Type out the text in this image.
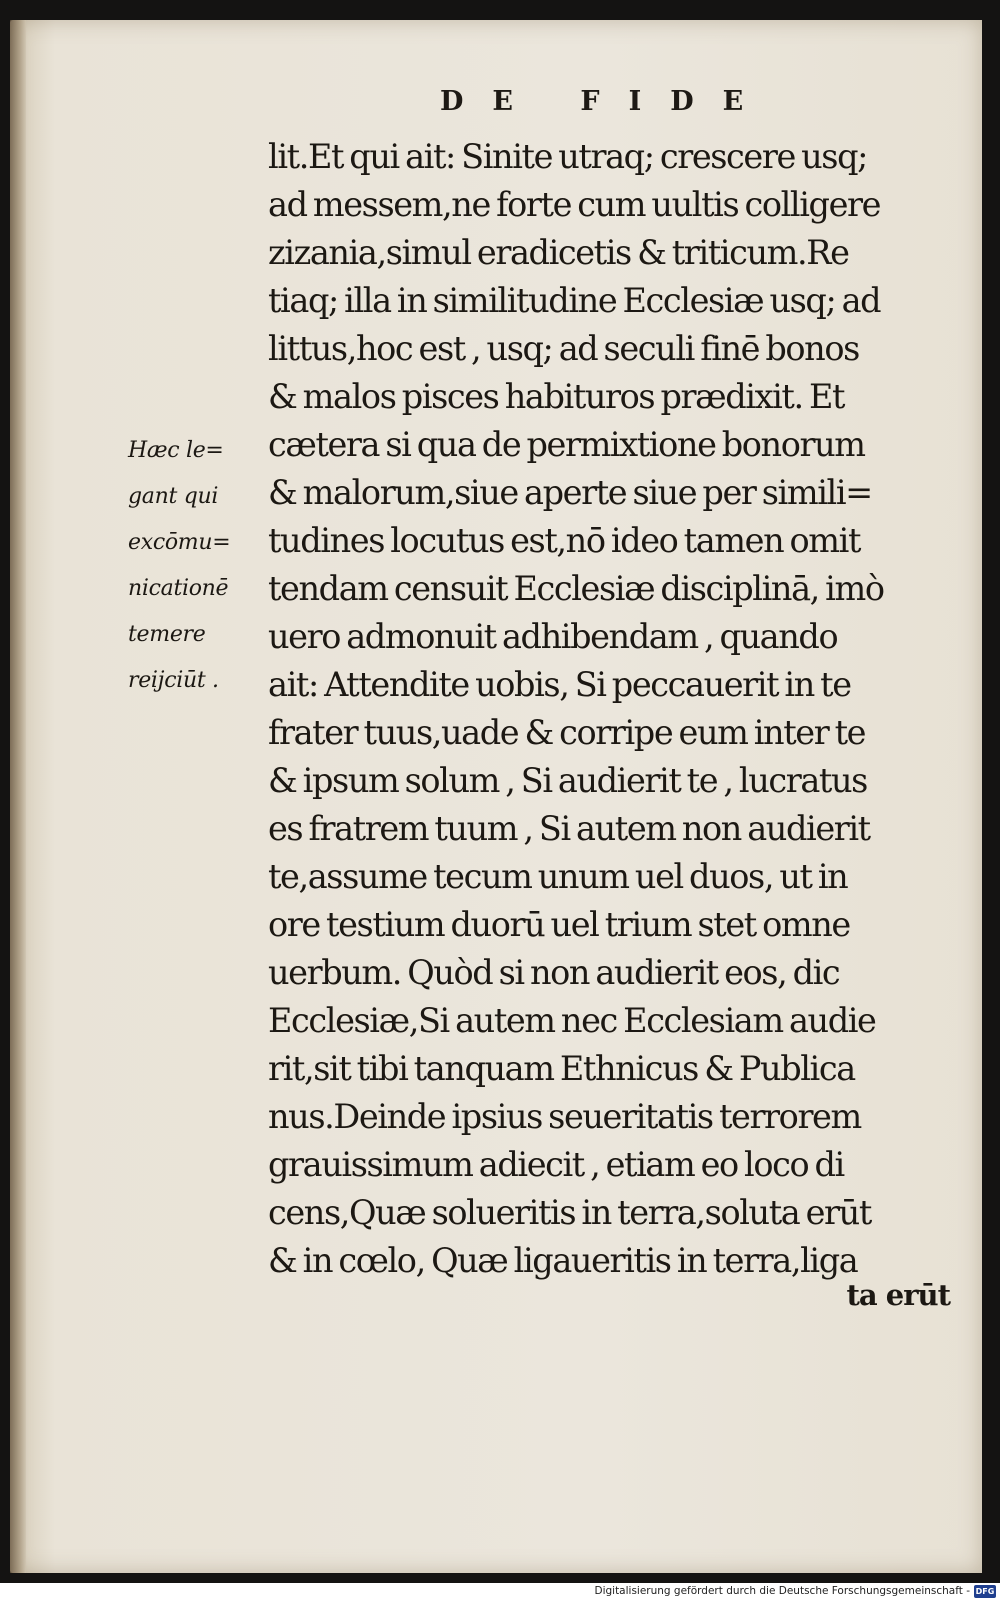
DE FIDE
Hæc le=
gant qui
excōmu=
nicationē
temere
reijciūt .
lit.Et qui ait: Sinite utraq; crescere usq;
ad messem,ne forte cum uultis colligere
zizania,simul eradicetis & triticum.Re
tiaq; illa in similitudine Ecclesiæ usq; ad
littus,hoc est , usq; ad seculi finē bonos
& malos pisces habituros prædixit. Et
cætera si qua de permixtione bonorum
& malorum,siue aperte siue per simili=
tudines locutus est,nō ideo tamen omit
tendam censuit Ecclesiæ disciplinā, imò
uero admonuit adhibendam , quando
ait: Attendite uobis, Si peccauerit in te
frater tuus,uade & corripe eum inter te
& ipsum solum , Si audierit te , lucratus
es fratrem tuum , Si autem non audierit
te,assume tecum unum uel duos, ut in
ore testium duorū uel trium stet omne
uerbum. Quòd si non audierit eos, dic
Ecclesiæ,Si autem nec Ecclesiam audie
rit,sit tibi tanquam Ethnicus & Publica
nus.Deinde ipsius seueritatis terrorem
grauissimum adiecit , etiam eo loco di
cens,Quæ solueritis in terra,soluta erūt
& in cœlo, Quæ ligaueritis in terra,liga

ta erūt

Digitalisierung gefördert durch die Deutsche Forschungsgemeinschaft - DFG
